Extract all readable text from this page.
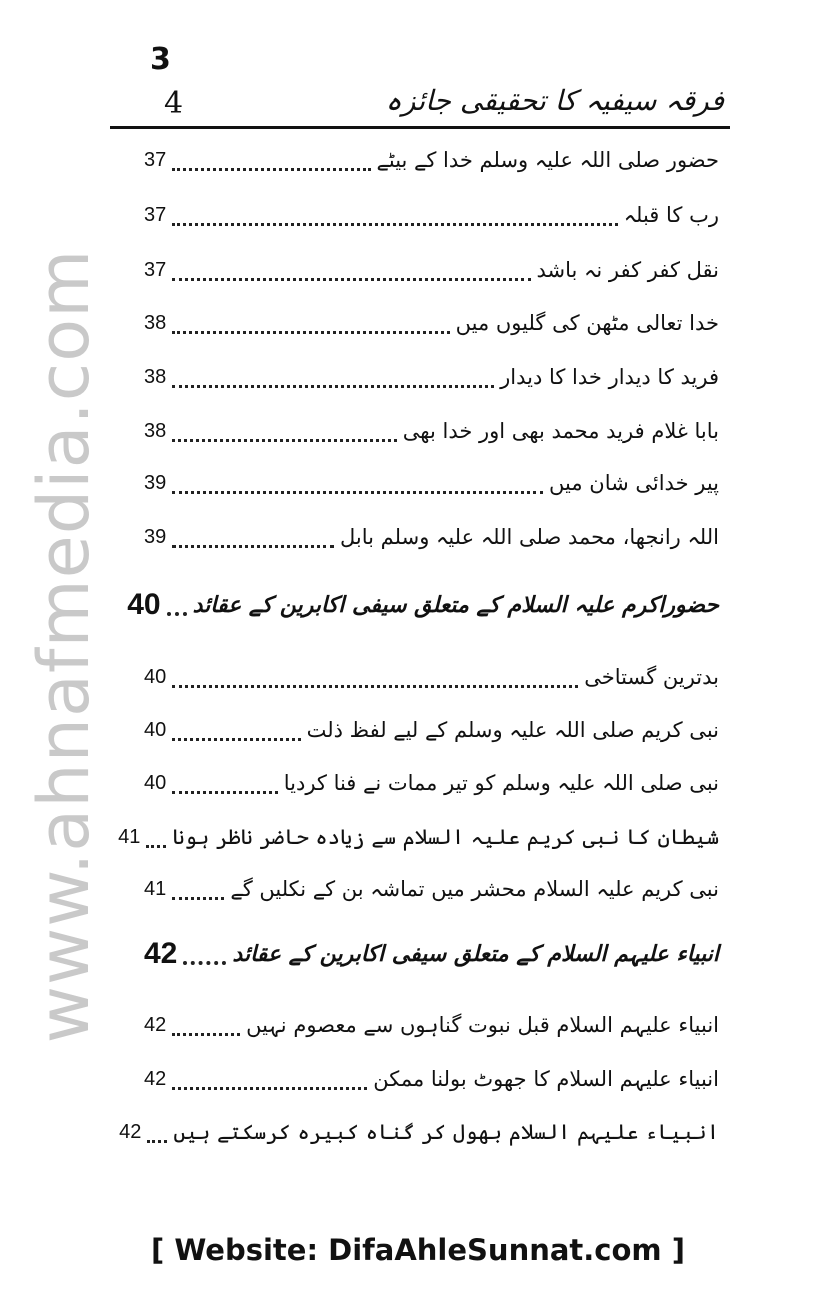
www.ahnafmedia.com
3
4	فرقہ سیفیہ کا تحقیقی جائزہ
حضور صلی اللہ علیہ وسلم خدا کے بیٹے
37
رب کا قبلہ
37
نقل کفر کفر نہ باشد
37
خدا تعالی مٹھن کی گلیوں میں
38
فرید کا دیدار خدا کا دیدار
38
بابا غلام فرید محمد بھی اور خدا بھی
38
پیر خدائی شان میں
39
اللہ رانجھا، محمد صلی اللہ علیہ وسلم بابل
39
حضوراکرم علیہ السلام کے متعلق سیفی اکابرین کے عقائد
40
بدترین گستاخی
40
نبی کریم صلی اللہ علیہ وسلم کے لیے لفظ ذلت
40
نبی صلی اللہ علیہ وسلم کو تیر ممات نے فنا کردیا
40
شیطان کا نبی کریم علیہ السلام سے زیادہ حاضر ناظر ہونا
41
نبی کریم علیہ السلام محشر میں تماشہ بن کے نکلیں گے
41
انبیاء علیہم السلام کے متعلق سیفی اکابرین کے عقائد
42
انبیاء علیہم السلام قبل نبوت گناہوں سے معصوم نہیں
42
انبیاء علیہم السلام کا جھوٹ بولنا ممکن
42
انبیاء علیہم السلام بھول کر گناہ کبیرہ کرسکتے ہیں
42
[ Website: DifaAhleSunnat.com ]
